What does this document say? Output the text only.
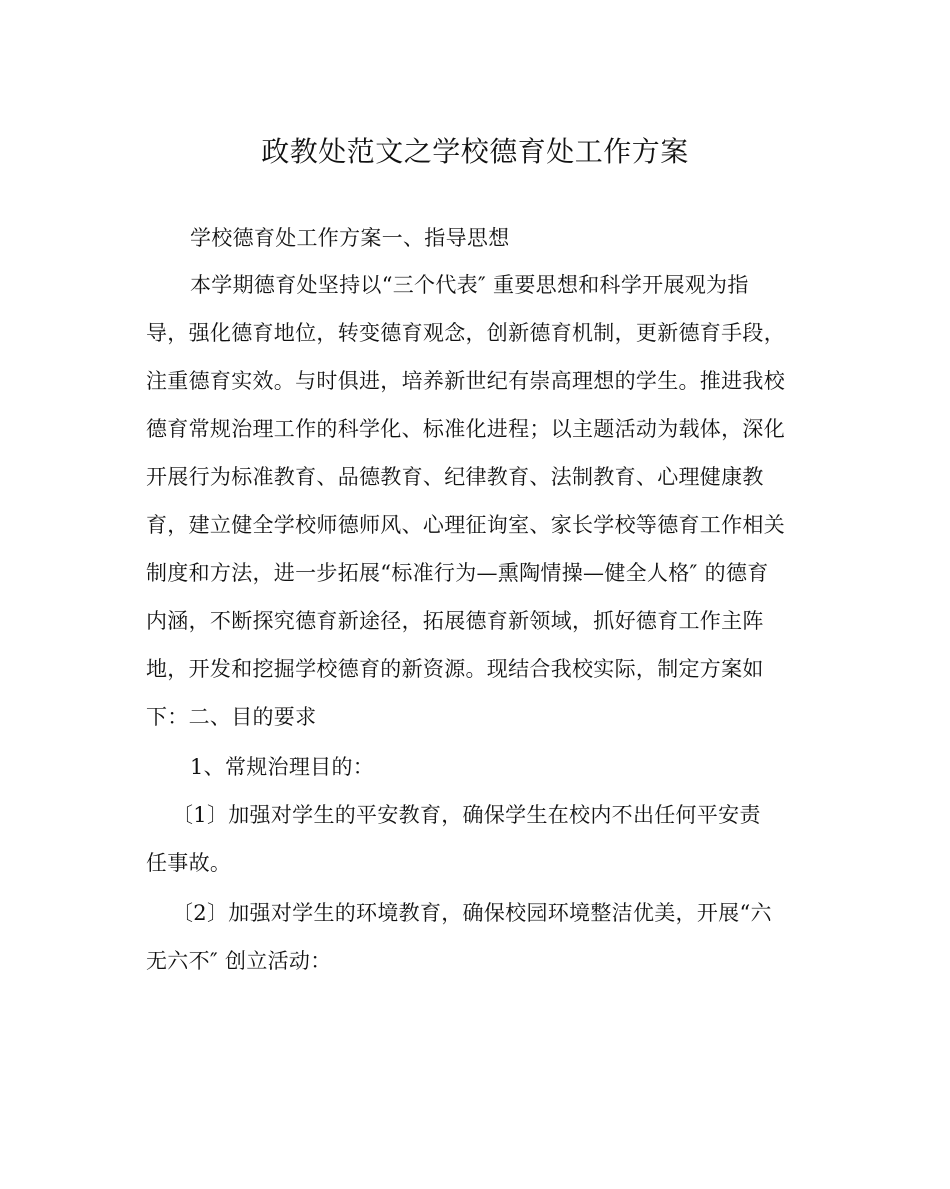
政教处范文之学校德育处工作方案
学校德育处工作方案一、指导思想
本学期德育处坚持以“三个代表″ 重要思想和科学开展观为指
导，强化德育地位，转变德育观念，创新德育机制，更新德育手段，
注重德育实效。与时俱进，培养新世纪有崇高理想的学生。推进我校
德育常规治理工作的科学化、标准化进程；以主题活动为载体，深化
开展行为标准教育、品德教育、纪律教育、法制教育、心理健康教
育，建立健全学校师德师风、心理征询室、家长学校等德育工作相关
制度和方法，进一步拓展“标准行为—熏陶情操—健全人格″ 的德育
内涵，不断探究德育新途径，拓展德育新领域，抓好德育工作主阵
地，开发和挖掘学校德育的新资源。现结合我校实际，制定方案如
下：二、目的要求
1、常规治理目的：
〔1〕加强对学生的平安教育，确保学生在校内不出任何平安责
任事故。
〔2〕加强对学生的环境教育，确保校园环境整洁优美，开展“六
无六不″ 创立活动：
